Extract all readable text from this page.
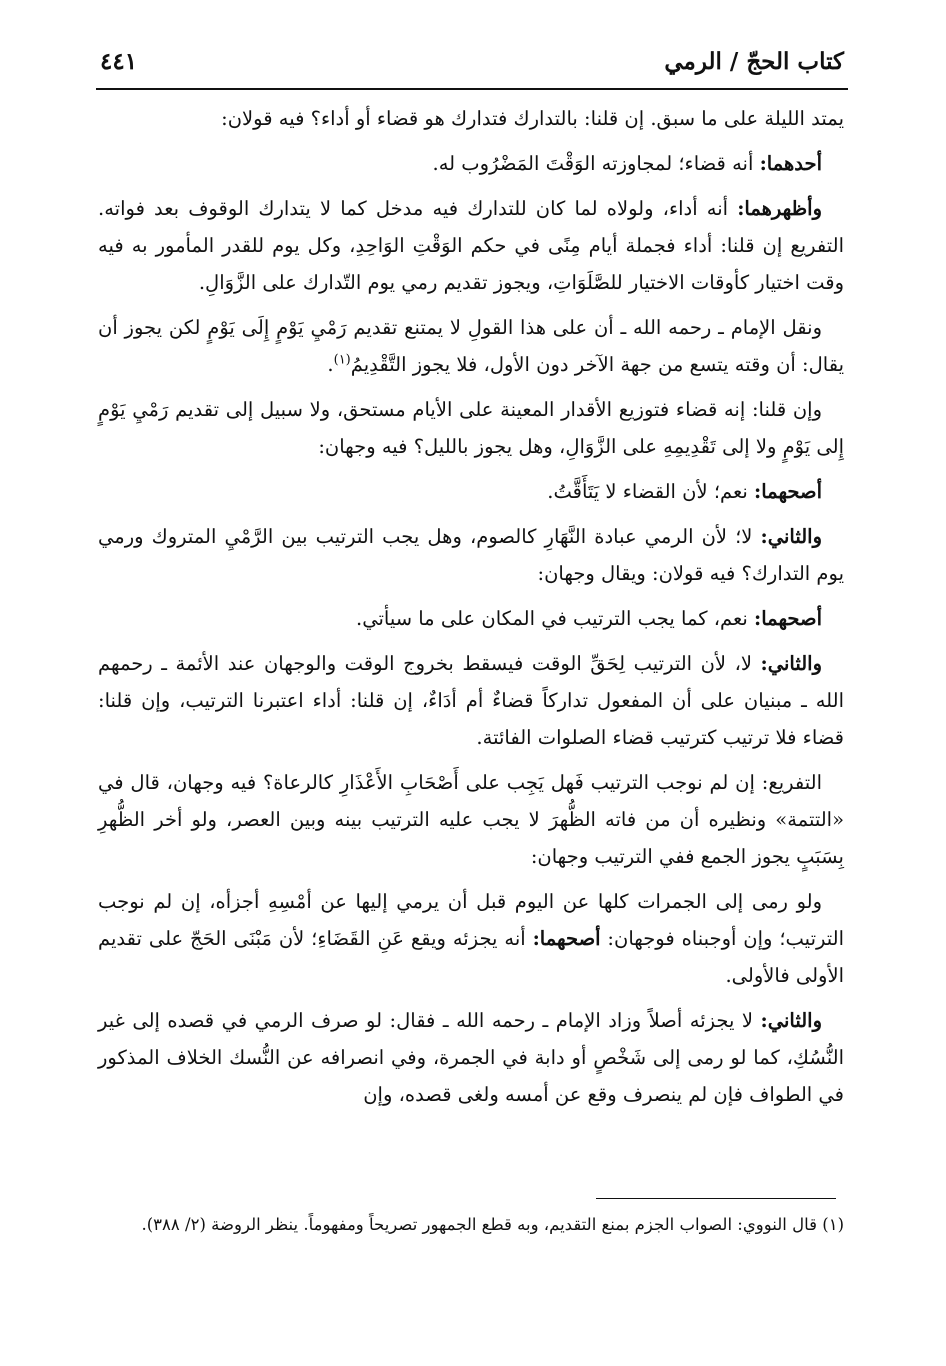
كتاب الحجّ / الرمي
٤٤١

يمتد الليلة على ما سبق. إن قلنا: بالتدارك فتدارك هو قضاء أو أداء؟ فيه قولان:

أحدهما: أنه قضاء؛ لمجاوزته الوَقْتَ المَضْرُوب له.

وأظهرهما: أنه أداء، ولولاه لما كان للتدارك فيه مدخل كما لا يتدارك الوقوف بعد فواته. التفريع إن قلنا: أداء فجملة أيام مِنًى في حكم الوَقْتِ الوَاحِدِ، وكل يوم للقدر المأمور به فيه وقت اختيار كأوقات الاختيار للصَّلَوَاتِ، ويجوز تقديم رمي يوم التّدارك على الزَّوَالِ.

ونقل الإمام ـ رحمه الله ـ أن على هذا القولِ لا يمتنع تقديم رَمْيِ يَوْمٍ إِلَى يَوْمٍ لكن يجوز أن يقال: أن وقته يتسع من جهة الآخر دون الأول، فلا يجوز التَّقْدِيمُ$^{(١)}$.

وإن قلنا: إنه قضاء فتوزيع الأقدار المعينة على الأيام مستحق، ولا سبيل إلى تقديم رَمْيِ يَوْمٍ إِلى يَوْمٍ ولا إلى تَقْدِيمِهِ على الزَّوَالِ، وهل يجوز بالليل؟ فيه وجهان:

أصحهما: نعم؛ لأن القضاء لا يَتَأَقَّتُ.

والثاني: لا؛ لأن الرمي عبادة النَّهَارِ كالصوم، وهل يجب الترتيب بين الرَّمْيِ المتروك ورمي يوم التدارك؟ فيه قولان: ويقال وجهان:

أصحهما: نعم، كما يجب الترتيب في المكان على ما سيأتي.

والثاني: لا، لأن الترتيب لِحَقِّ الوقت فيسقط بخروج الوقت والوجهان عند الأئمة ـ رحمهم الله ـ مبنيان على أن المفعول تداركاً قضاءٌ أم أدَاءٌ، إن قلنا: أداء اعتبرنا الترتيب، وإن قلنا: قضاء فلا ترتيب كترتيب قضاء الصلوات الفائتة.

التفريع: إن لم نوجب الترتيب فَهل يَجِب على أَصْحَابِ الأَعْذَارِ كالرعاة؟ فيه وجهان، قال في «التتمة» ونظيره أن من فاته الظُّهرَ لا يجب عليه الترتيب بينه وبين العصر، ولو أخر الظُّهرِ بِسَبَبٍ يجوز الجمع ففي الترتيب وجهان:

ولو رمى إلى الجمرات كلها عن اليوم قبل أن يرمي إليها عن أمْسِهِ أجزأه، إن لم نوجب الترتيب؛ وإن أوجبناه فوجهان: أصحهما: أنه يجزئه ويقع عَنِ القَضَاءِ؛ لأن مَبْنَى الحَجّ على تقديم الأولى فالأولى.

والثاني: لا يجزئه أصلاً وزاد الإمام ـ رحمه الله ـ فقال: لو صرف الرمي في قصده إلى غير النُّسُكِ، كما لو رمى إلى شَخْصٍ أو دابة في الجمرة، وفي انصرافه عن النُّسك الخلاف المذكور في الطواف فإن لم ينصرف وقع عن أمسه ولغى قصده، وإن

(١) قال النووي: الصواب الجزم بمنع التقديم، وبه قطع الجمهور تصريحاً ومفهوماً. ينظر الروضة (٢/ ٣٨٨).
